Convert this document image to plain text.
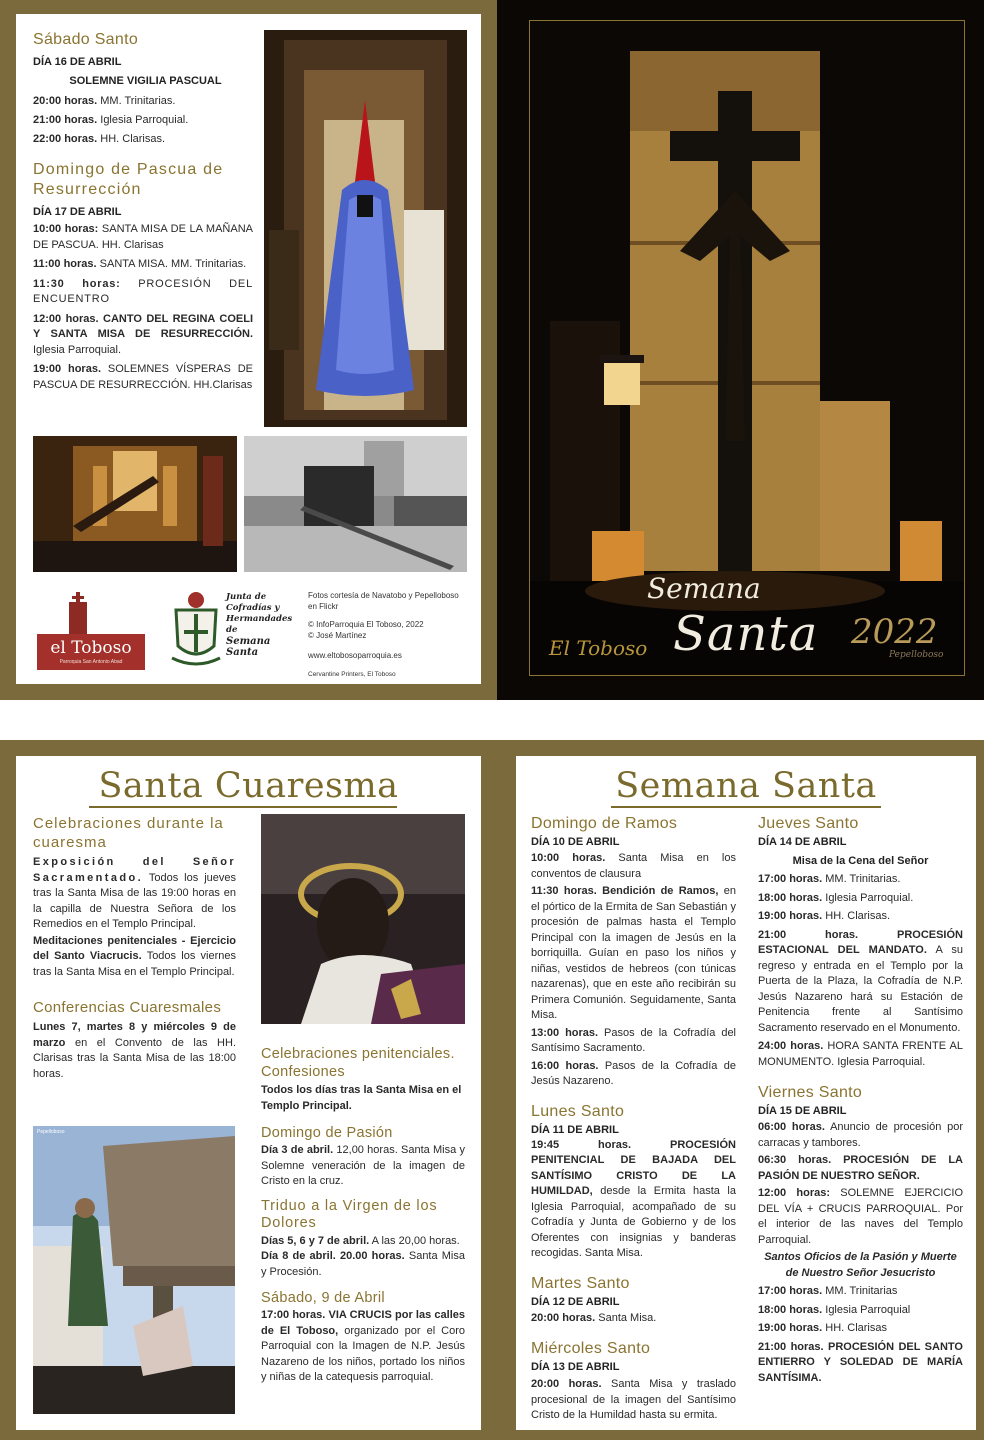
Sábado Santo
DÍA 16 DE ABRIL
SOLEMNE VIGILIA PASCUAL
20:00 horas. MM. Trinitarias.
21:00 horas. Iglesia Parroquial.
22:00 horas. HH. Clarisas.
Domingo de Pascua de Resurrección
DÍA 17 DE ABRIL
10:00 horas: SANTA MISA DE LA MAÑANA DE PASCUA. HH. Clarisas
11:00 horas. SANTA MISA. MM. Trinitarias.
11:30 horas: PROCESIÓN DEL ENCUENTRO
12:00 horas. CANTO DEL REGINA COELI Y SANTA MISA DE RESURRECCIÓN. Iglesia Parroquial.
19:00 horas. SOLEMNES VÍSPERAS DE PASCUA DE RESURRECCIÓN. HH.Clarisas
el Toboso
Parroquia San Antonio Abad
Junta de
Cofradías y
Hermandades
de
Semana
Santa
Fotos cortesía de Navatobo y Pepelloboso en Flickr
© InfoParroquia El Toboso, 2022
© José Martínez
www.eltobosoparroquia.es
Cervantine Printers, El Toboso
Semana
Santa 2022
El Toboso	Pepelloboso
Santa Cuaresma
Celebraciones durante la cuaresma
Exposición del Señor Sacramentado. Todos los jueves tras la Santa Misa de las 19:00 horas en la capilla de Nuestra Señora de los Remedios en el Templo Principal.
Meditaciones penitenciales - Ejercicio del Santo Viacrucis. Todos los viernes tras la Santa Misa en el Templo Principal.
Conferencias Cuaresmales
Lunes 7, martes 8 y miércoles 9 de marzo en el Convento de las HH. Clarisas tras la Santa Misa de las 18:00 horas.
Pepelloboso
Celebraciones penitenciales. Confesiones
Todos los días tras la Santa Misa en el Templo Principal.
Domingo de Pasión
Día 3 de abril. 12,00 horas. Santa Misa y Solemne veneración de la imagen de Cristo en la cruz.
Triduo a la Virgen de los Dolores
Días 5, 6 y 7 de abril. A las 20,00 horas.
Día 8 de abril. 20.00 horas. Santa Misa y Procesión.
Sábado, 9 de Abril
17:00 horas. VIA CRUCIS por las calles de El Toboso, organizado por el Coro Parroquial con la Imagen de N.P. Jesús Nazareno de los niños, portado los niños y niñas de la catequesis parroquial.
Semana Santa
Domingo de Ramos
DÍA 10 DE ABRIL
10:00 horas. Santa Misa en los conventos de clausura
11:30 horas. Bendición de Ramos, en el pórtico de la Ermita de San Sebastián y procesión de palmas hasta el Templo Principal con la imagen de Jesús en la borriquilla. Guían en paso los niños y niñas, vestidos de hebreos (con túnicas nazarenas), que en este año recibirán su Primera Comunión. Seguidamente, Santa Misa.
13:00 horas. Pasos de la Cofradía del Santísimo Sacramento.
16:00 horas. Pasos de la Cofradía de Jesús Nazareno.
Lunes Santo
DÍA 11 DE ABRIL
19:45 horas. PROCESIÓN PENITENCIAL DE BAJADA DEL SANTÍSIMO CRISTO DE LA HUMILDAD, desde la Ermita hasta la Iglesia Parroquial, acompañado de su Cofradía y Junta de Gobierno y de los Oferentes con insignias y banderas recogidas. Santa Misa.
Martes Santo
DÍA 12 DE ABRIL
20:00 horas. Santa Misa.
Miércoles Santo
DÍA 13 DE ABRIL
20:00 horas. Santa Misa y traslado procesional de la imagen del Santísimo Cristo de la Humildad hasta su ermita.
Jueves Santo
DÍA 14 DE ABRIL
Misa de la Cena del Señor
17:00 horas. MM. Trinitarias.
18:00 horas. Iglesia Parroquial.
19:00 horas. HH. Clarisas.
21:00 horas. PROCESIÓN ESTACIONAL DEL MANDATO. A su regreso y entrada en el Templo por la Puerta de la Plaza, la Cofradía de N.P. Jesús Nazareno hará su Estación de Penitencia frente al Santísimo Sacramento reservado en el Monumento.
24:00 horas. HORA SANTA FRENTE AL MONUMENTO. Iglesia Parroquial.
Viernes Santo
DÍA 15 DE ABRIL
06:00 horas. Anuncio de procesión por carracas y tambores.
06:30 horas. PROCESIÓN DE LA PASIÓN DE NUESTRO SEÑOR.
12:00 horas: SOLEMNE EJERCICIO DEL VÍA + CRUCIS PARROQUIAL. Por el interior de las naves del Templo Parroquial.
Santos Oficios de la Pasión y Muerte de Nuestro Señor Jesucristo
17:00 horas. MM. Trinitarias
18:00 horas. Iglesia Parroquial
19:00 horas. HH. Clarisas
21:00 horas. PROCESIÓN DEL SANTO ENTIERRO Y SOLEDAD DE MARÍA SANTÍSIMA.
